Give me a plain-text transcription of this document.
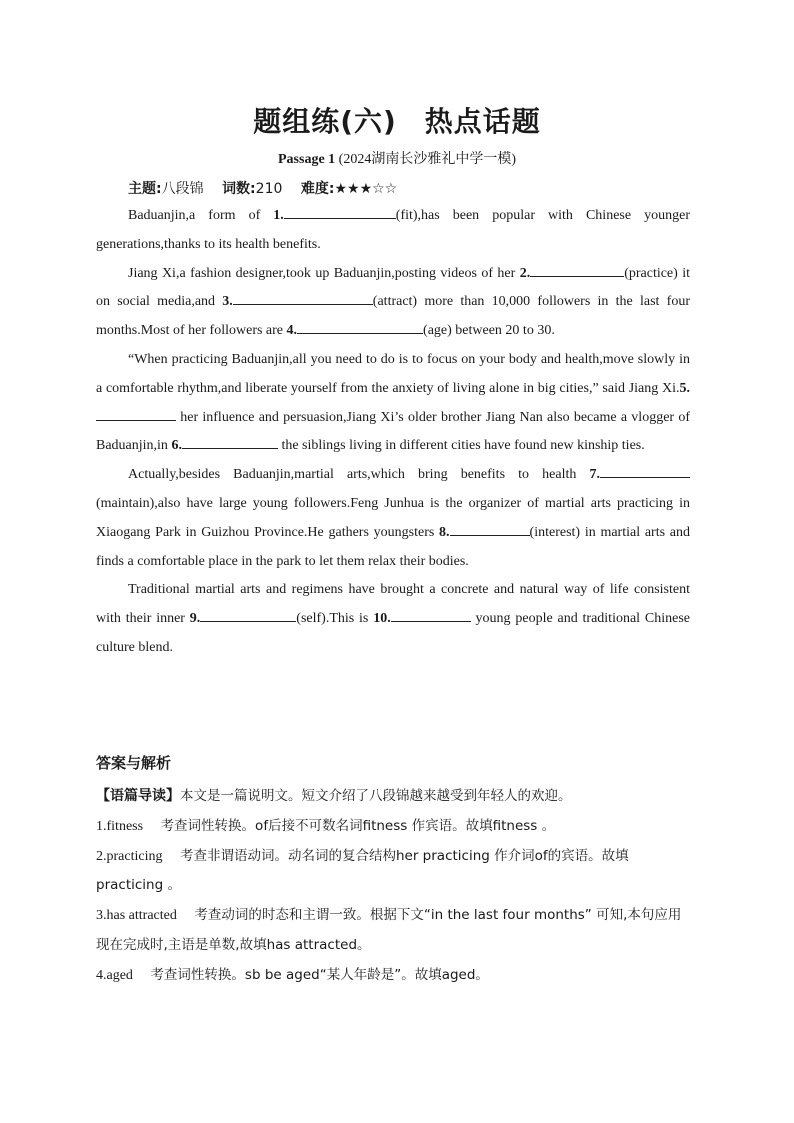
题组练(六) 热点话题
Passage 1 (2024湖南长沙雅礼中学一模)
主题:八段锦 词数:210 难度:★★★☆☆

Baduanjin,a form of 1.	(fit),has been popular with Chinese younger generations,thanks to its health benefits.

Jiang Xi,a fashion designer,took up Baduanjin,posting videos of her 2.	(practice) it on social media,and 3.	(attract) more than 10,000 followers in the last four months.Most of her followers are 4.	(age) between 20 to 30.

“When practicing Baduanjin,all you need to do is to focus on your body and health,move slowly in a comfortable rhythm,and liberate yourself from the anxiety of living alone in big cities,” said Jiang Xi.5. her influence and persuasion,Jiang Xi’s older brother Jiang Nan also became a vlogger of Baduanjin,in 6.	the siblings living in different cities have found new kinship ties.

Actually,besides Baduanjin,martial arts,which bring benefits to health 7.(maintain),also have large young followers.Feng Junhua is the organizer of martial arts practicing in Xiaogang Park in Guizhou Province.He gathers youngsters 8.	(interest) in martial arts and finds a comfortable place in the park to let them relax their bodies.

Traditional martial arts and regimens have brought a concrete and natural way of life consistent with their inner 9.	(self).This is 10.	young people and traditional Chinese culture blend.

答案与解析

【语篇导读】本文是一篇说明文。短文介绍了八段锦越来越受到年轻人的欢迎。

1.fitness 考查词性转换。of后接不可数名词fitness 作宾语。故填fitness 。

2.practicing 考查非谓语动词。动名词的复合结构her practicing 作介词of的宾语。故填practicing 。

3.has attracted 考查动词的时态和主谓一致。根据下文“in the last four months” 可知,本句应用现在完成时,主语是单数,故填has attracted。

4.aged 考查词性转换。sb be aged“某人年龄是”。故填aged。
